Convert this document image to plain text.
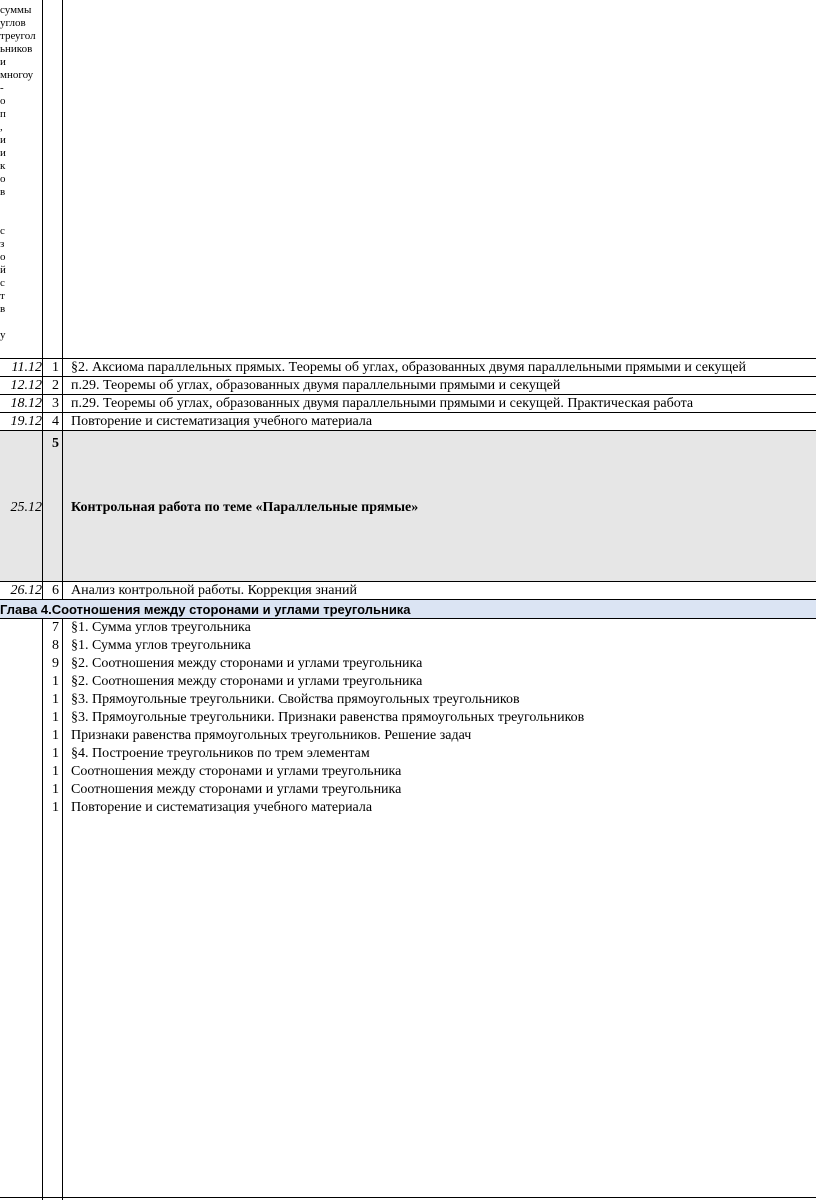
Глава 4.Соотношения между сторонами и углами треугольника
суммы
углов
треугол
ьников
и
многоу
-
о
п
,
и
и
к
о
в

с
з
о
й
с
т
в

у
11.12 1 §2. Аксиома параллельных прямых. Теоремы об углах, образованных двумя параллельными прямыми и секущей
12.12 2 п.29. Теоремы об углах, образованных двумя параллельными прямыми и секущей
18.12 3 п.29. Теоремы об углах, образованных двумя параллельными прямыми и секущей. Практическая работа
19.12 4 Повторение и систематизация учебного материала
25.12
5
Контрольная работа по теме «Параллельные прямые»
26.12 6 Анализ контрольной работы. Коррекция знаний
7 §1. Сумма углов треугольника
8 §1. Сумма углов треугольника
9 §2. Соотношения между сторонами и углами треугольника
1 §2. Соотношения между сторонами и углами треугольника
1 §3. Прямоугольные треугольники. Свойства прямоугольных треугольников
1 §3. Прямоугольные треугольники. Признаки равенства прямоугольных треугольников
1 Признаки равенства прямоугольных треугольников. Решение задач
1 §4. Построение треугольников по трем элементам
1 Соотношения между сторонами и углами треугольника
1 Соотношения между сторонами и углами треугольника
1 Повторение и систематизация учебного материала
